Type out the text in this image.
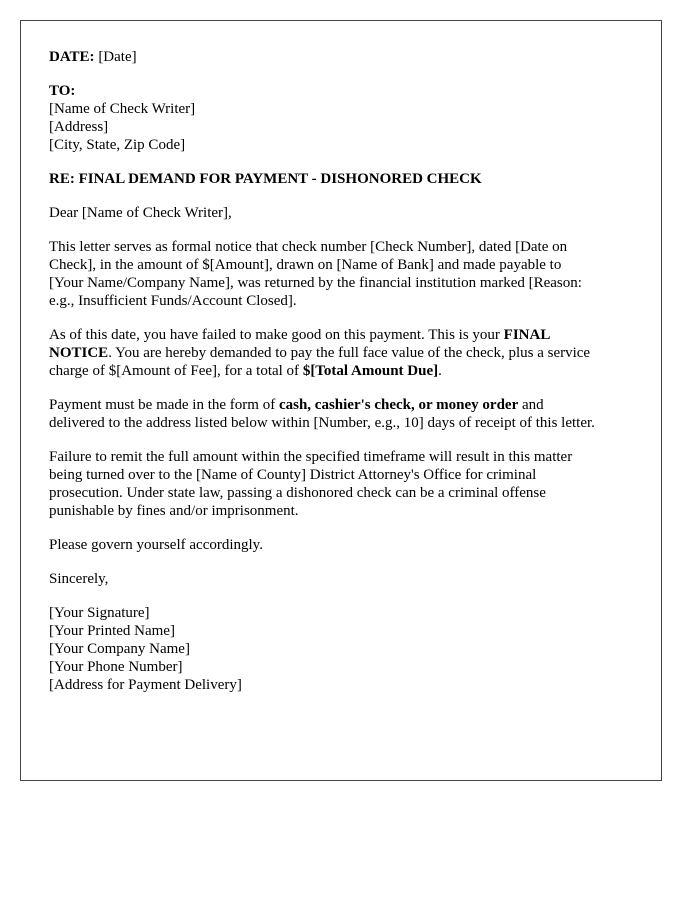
DATE: [Date]
TO:
[Name of Check Writer]
[Address]
[City, State, Zip Code]
RE: FINAL DEMAND FOR PAYMENT - DISHONORED CHECK
Dear [Name of Check Writer],
This letter serves as formal notice that check number [Check Number], dated [Date on
Check], in the amount of $[Amount], drawn on [Name of Bank] and made payable to
[Your Name/Company Name], was returned by the financial institution marked [Reason:
e.g., Insufficient Funds/Account Closed].
As of this date, you have failed to make good on this payment. This is your FINAL
NOTICE. You are hereby demanded to pay the full face value of the check, plus a service
charge of $[Amount of Fee], for a total of $[Total Amount Due].
Payment must be made in the form of cash, cashier's check, or money order and
delivered to the address listed below within [Number, e.g., 10] days of receipt of this letter.
Failure to remit the full amount within the specified timeframe will result in this matter
being turned over to the [Name of County] District Attorney's Office for criminal
prosecution. Under state law, passing a dishonored check can be a criminal offense
punishable by fines and/or imprisonment.
Please govern yourself accordingly.
Sincerely,
[Your Signature]
[Your Printed Name]
[Your Company Name]
[Your Phone Number]
[Address for Payment Delivery]
